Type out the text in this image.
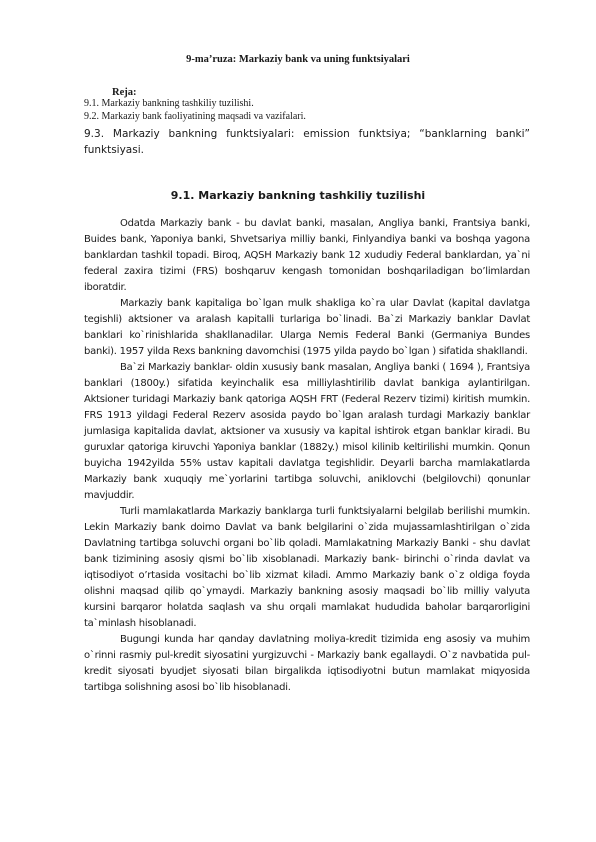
9-ma’ruza: Markaziy bank va uning funktsiyalari
Reja:
9.1. Markaziy bankning tashkiliy tuzilishi.
9.2. Markaziy bank faoliyatining maqsadi va vazifalari.
9.3. Markaziy bankning funktsiyalari: emission funktsiya; “banklarning banki” funktsiyasi.
9.1. Markaziy bankning tashkiliy tuzilishi

Odatda Markaziy bank - bu davlat banki, masalan, Angliya banki, Frantsiya banki, Buides bank, Yaponiya banki, Shvetsariya milliy banki, Finlyandiya banki va boshqa yagona banklardan tashkil topadi. Biroq, AQSH Markaziy bank 12 xududiy Federal banklardan, ya`ni federal zaxira tizimi (FRS) boshqaruv kengash tomonidan boshqariladigan bo’limlardan iboratdir.

Markaziy bank kapitaliga bo`lgan mulk shakliga ko`ra ular Davlat (kapital davlatga tegishli) aktsioner va aralash kapitalli turlariga bo`linadi. Ba`zi Markaziy banklar Davlat banklari ko`rinishlarida shakllanadilar. Ularga Nemis Federal Banki (Germaniya Bundes banki). 1957 yilda Rexs bankning davomchisi (1975 yilda paydo bo`lgan ) sifatida shakllandi.

Ba`zi Markaziy banklar- oldin xususiy bank masalan, Angliya banki ( 1694 ), Frantsiya banklari (1800y.) sifatida keyinchalik esa milliylashtirilib davlat bankiga aylantirilgan. Aktsioner turidagi Markaziy bank qatoriga AQSH FRT (Federal Rezerv tizimi) kiritish mumkin. FRS 1913 yildagi Federal Rezerv asosida paydo bo`lgan aralash turdagi Markaziy banklar jumlasiga kapitalida davlat, aktsioner va xususiy va kapital ishtirok etgan banklar kiradi. Bu guruxlar qatoriga kiruvchi Yaponiya banklar (1882y.) misol kilinib keltirilishi mumkin. Qonun buyicha 1942yilda 55% ustav kapitali davlatga tegishlidir. Deyarli barcha mamlakatlarda Markaziy bank xuquqiy me`yorlarini tartibga soluvchi, aniklovchi (belgilovchi) qonunlar mavjuddir.

Turli mamlakatlarda Markaziy banklarga turli funktsiyalarni belgilab berilishi mumkin. Lekin Markaziy bank doimo Davlat va bank belgilarini o`zida mujassamlashtirilgan o`zida Davlatning tartibga soluvchi organi bo`lib qoladi. Mamlakatning Markaziy Banki - shu davlat bank tizimining asosiy qismi bo`lib xisoblanadi. Markaziy bank- birinchi o`rinda davlat va iqtisodiyot o’rtasida vositachi bo`lib xizmat kiladi. Ammo Markaziy bank o`z oldiga foyda olishni maqsad qilib qo`ymaydi. Markaziy bankning asosiy maqsadi bo`lib milliy valyuta kursini barqaror holatda saqlash va shu orqali mamlakat hududida baholar barqarorligini ta`minlash hisoblanadi.

Bugungi kunda har qanday davlatning moliya-kredit tizimida eng asosiy va muhim o`rinni rasmiy pul-kredit siyosatini yurgizuvchi - Markaziy bank egallaydi. O`z navbatida pul-kredit siyosati byudjet siyosati bilan birgalikda iqtisodiyotni butun mamlakat miqyosida tartibga solishning asosi bo`lib hisoblanadi.
